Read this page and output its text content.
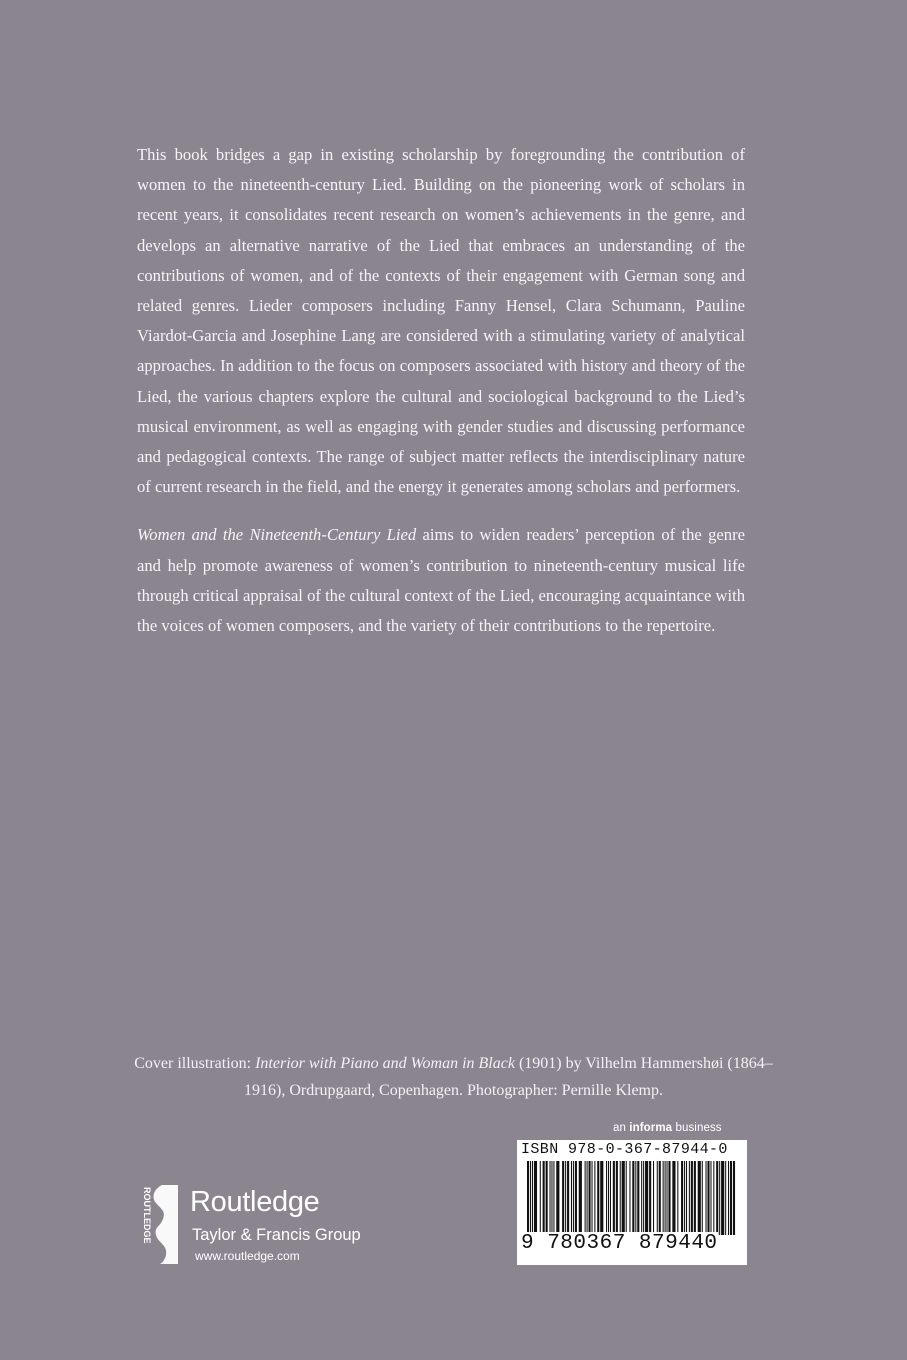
This book bridges a gap in existing scholarship by foregrounding the contribution of women to the nineteenth-century Lied. Building on the pioneering work of scholars in recent years, it consolidates recent research on women’s achievements in the genre, and develops an alternative narrative of the Lied that embraces an understanding of the contributions of women, and of the contexts of their engagement with German song and related genres. Lieder composers including Fanny Hensel, Clara Schumann, Pauline Viardot-Garcia and Josephine Lang are considered with a stimulating variety of analytical approaches. In addition to the focus on composers associated with history and theory of the Lied, the various chapters explore the cultural and sociological background to the Lied’s musical environment, as well as engaging with gender studies and discussing performance and pedagogical contexts. The range of subject matter reflects the interdisciplinary nature of current research in the field, and the energy it generates among scholars and performers.

Women and the Nineteenth-Century Lied aims to widen readers’ perception of the genre and help promote awareness of women’s contribution to nineteenth-century musical life through critical appraisal of the cultural context of the Lied, encouraging acquaintance with the voices of women composers, and the variety of their contributions to the repertoire.

Cover illustration: Interior with Piano and Woman in Black (1901) by Vilhelm Hammershøi (1864–1916), Ordrupgaard, Copenhagen. Photographer: Pernille Klemp.
an informa business
ISBN 978-0-367-87944-0
9 780367 879440
ROUTLEDGE Routledge
Taylor & Francis Group
www.routledge.com
